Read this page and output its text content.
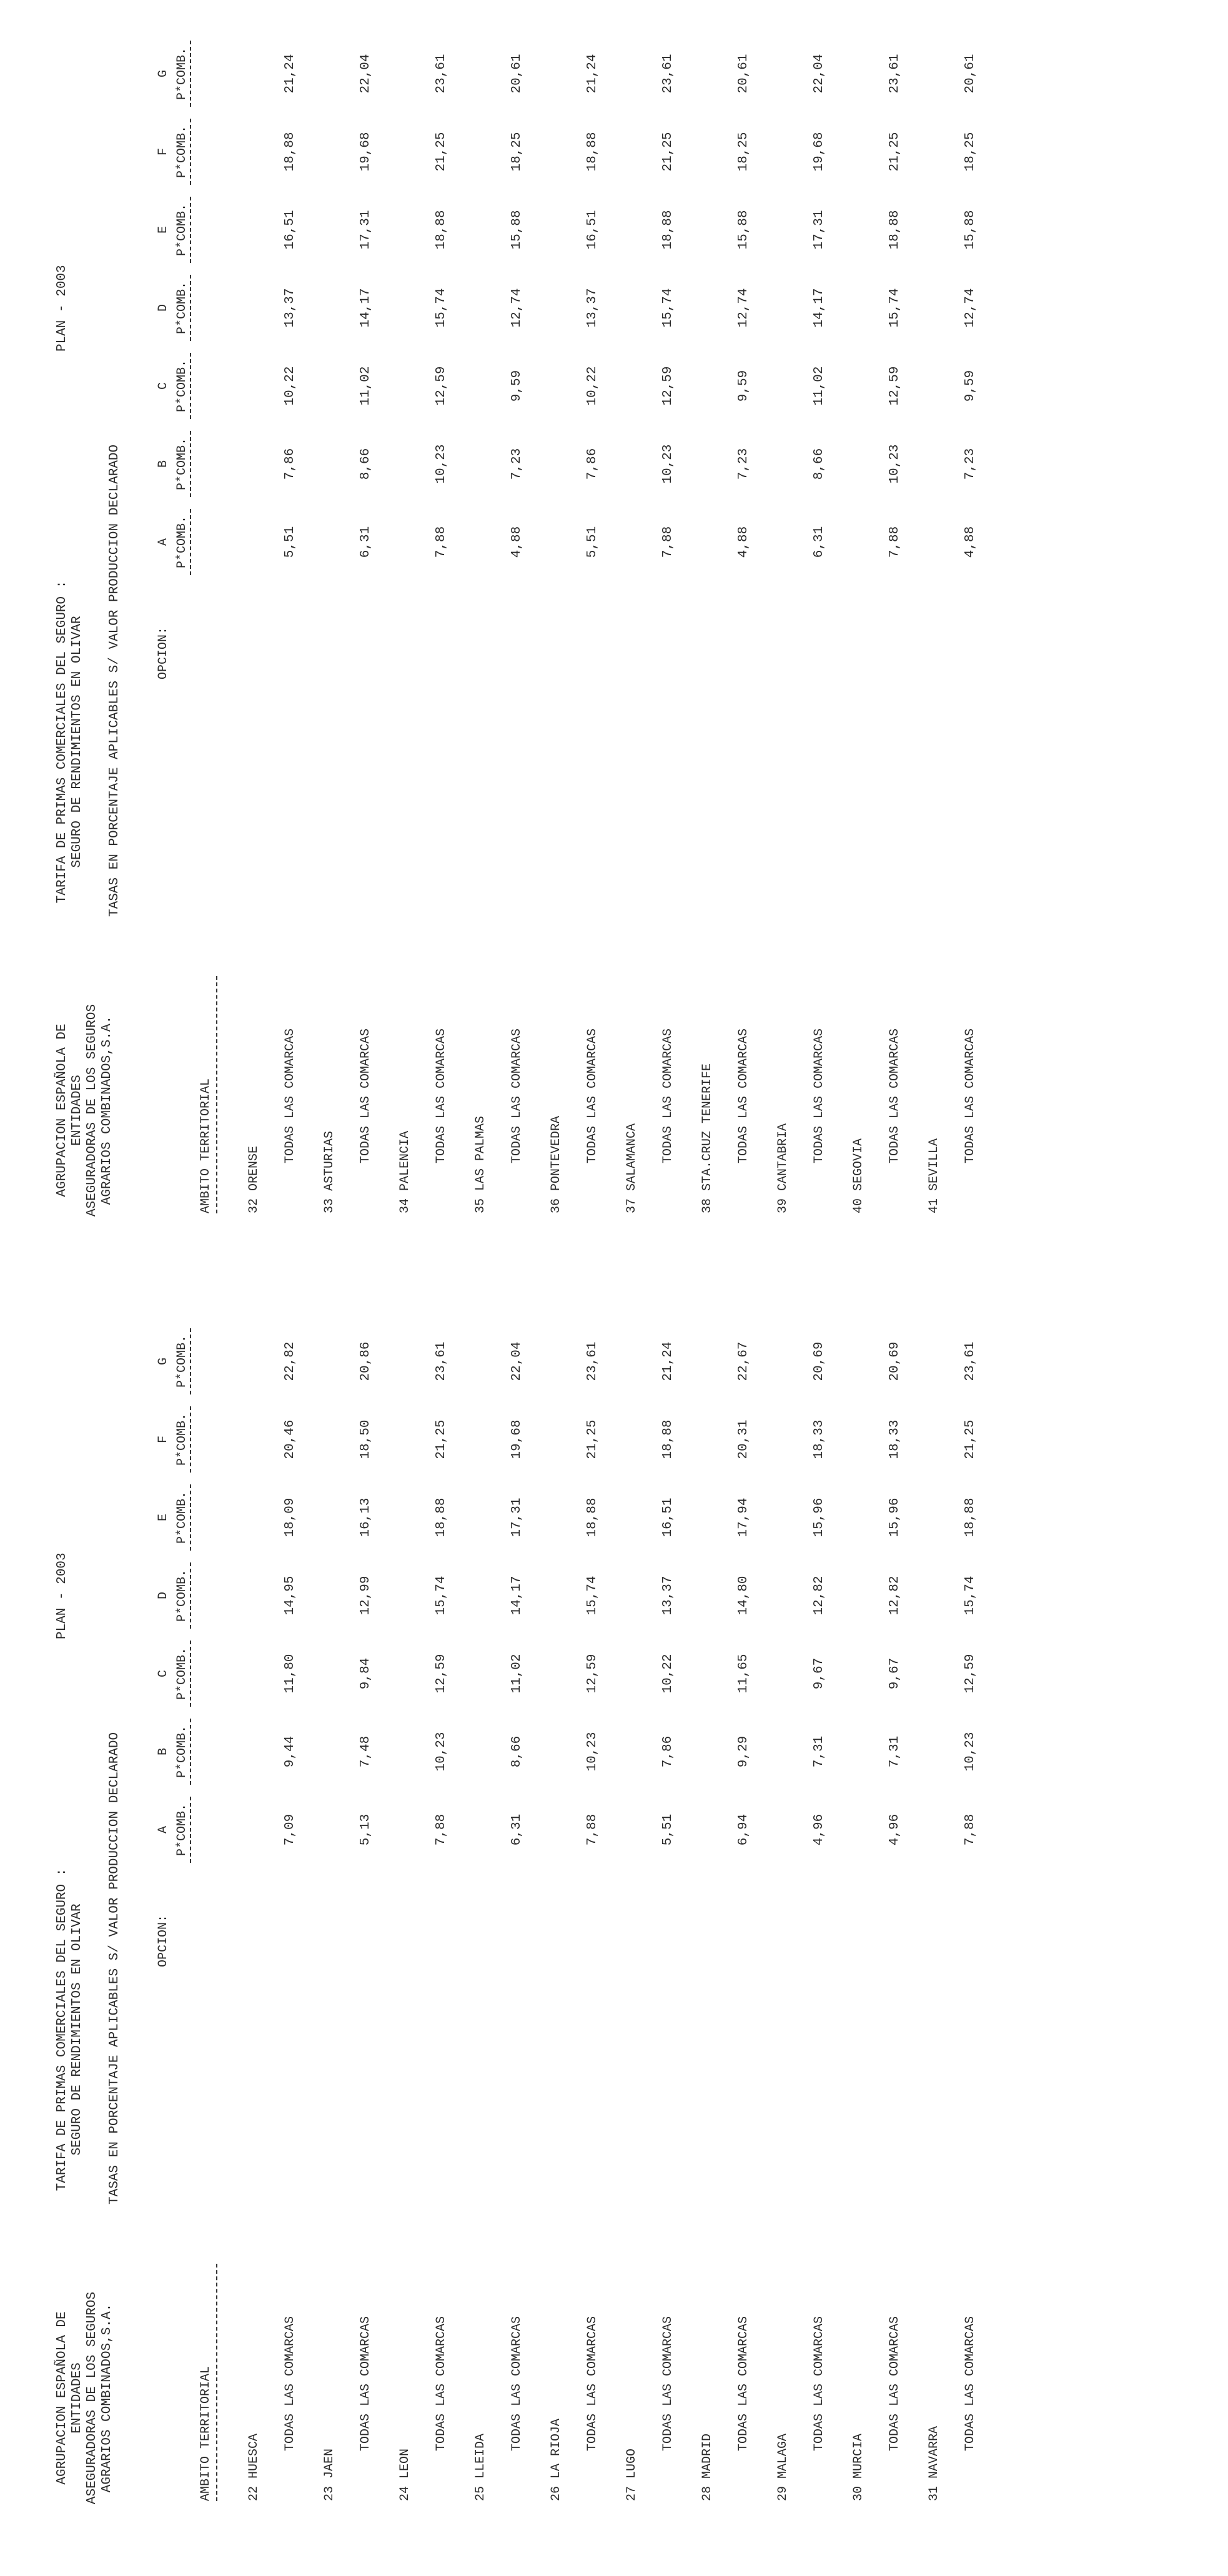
AGRUPACION ESPAÑOLA DE ENTIDADES ASEGURADORAS DE LOS SEGUROS AGRARIOS COMBINADOS,S.A.
TARIFA DE PRIMAS COMERCIALES DEL SEGURO : SEGURO DE RENDIMIENTOS EN OLIVAR TASAS EN PORCENTAJE APLICABLES S/ VALOR PRODUCCION DECLARADO
PLAN - 2003
OPCION:
A P*COMB.
B P*COMB.
C P*COMB.
D P*COMB.
E P*COMB.
F P*COMB.
G P*COMB.
AMBITO TERRITORIAL	22 HUESCA
TODAS LAS COMARCAS
7,09
9,44
11,80
14,95
18,09
20,46
22,82
23 JAEN
TODAS LAS COMARCAS
5,13
7,48
9,84
12,99
16,13
18,50
20,86
24 LEON
TODAS LAS COMARCAS
7,88
10,23
12,59
15,74
18,88
21,25
23,61
25 LLEIDA
TODAS LAS COMARCAS
6,31
8,66
11,02
14,17
17,31
19,68
22,04
26 LA RIOJA
TODAS LAS COMARCAS
7,88
10,23
12,59
15,74
18,88
21,25
23,61
27 LUGO
TODAS LAS COMARCAS
5,51
7,86
10,22
13,37
16,51
18,88
21,24
28 MADRID
TODAS LAS COMARCAS
6,94
9,29
11,65
14,80
17,94
20,31
22,67
29 MALAGA
TODAS LAS COMARCAS
4,96
7,31
9,67
12,82
15,96
18,33
20,69
30 MURCIA
TODAS LAS COMARCAS
4,96
7,31
9,67
12,82
15,96
18,33
20,69
31 NAVARRA
TODAS LAS COMARCAS
7,88
10,23
12,59
15,74
18,88
21,25
23,61
AGRUPACION ESPAÑOLA DE ENTIDADES ASEGURADORAS DE LOS SEGUROS AGRARIOS COMBINADOS,S.A.
TARIFA DE PRIMAS COMERCIALES DEL SEGURO : SEGURO DE RENDIMIENTOS EN OLIVAR TASAS EN PORCENTAJE APLICABLES S/ VALOR PRODUCCION DECLARADO
PLAN - 2003
OPCION:
A P*COMB.
B P*COMB.
C P*COMB.
D P*COMB.
E P*COMB.
F P*COMB.
G P*COMB.
AMBITO TERRITORIAL	32 ORENSE
TODAS LAS COMARCAS
5,51
7,86
10,22
13,37
16,51
18,88
21,24
33 ASTURIAS
TODAS LAS COMARCAS
6,31
8,66
11,02
14,17
17,31
19,68
22,04
34 PALENCIA
TODAS LAS COMARCAS
7,88
10,23
12,59
15,74
18,88
21,25
23,61
35 LAS PALMAS
TODAS LAS COMARCAS
4,88
7,23
9,59
12,74
15,88
18,25
20,61
36 PONTEVEDRA
TODAS LAS COMARCAS
5,51
7,86
10,22
13,37
16,51
18,88
21,24
37 SALAMANCA
TODAS LAS COMARCAS
7,88
10,23
12,59
15,74
18,88
21,25
23,61
38 STA.CRUZ TENERIFE TODAS LAS COMARCAS
4,88
7,23
9,59
12,74
15,88
18,25
20,61
39 CANTABRIA
TODAS LAS COMARCAS
6,31
8,66
11,02
14,17
17,31
19,68
22,04
40 SEGOVIA
TODAS LAS COMARCAS
7,88
10,23
12,59
15,74
18,88
21,25
23,61
41 SEVILLA
TODAS LAS COMARCAS
4,88
7,23
9,59
12,74
15,88
18,25
20,61
